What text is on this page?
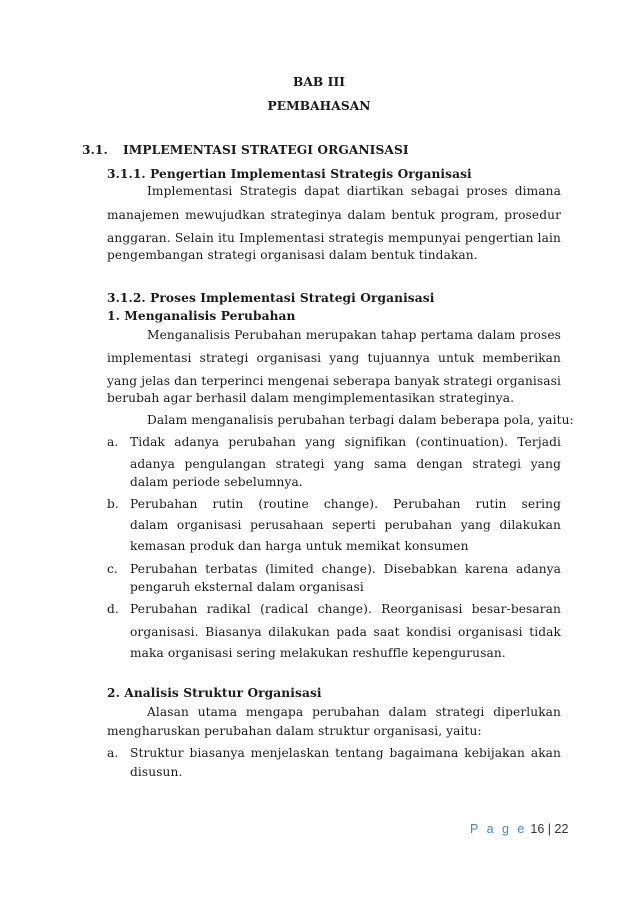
BAB III
PEMBAHASAN
3.1. IMPLEMENTASI STRATEGI ORGANISASI
3.1.1. Pengertian Implementasi Strategis Organisasi
Implementasi Strategis dapat diartikan sebagai proses dimana
manajemen mewujudkan strateginya dalam bentuk program, prosedur
anggaran. Selain itu Implementasi strategis mempunyai pengertian lain
pengembangan strategi organisasi dalam bentuk tindakan.
3.1.2. Proses Implementasi Strategi Organisasi
1. Menganalisis Perubahan
Menganalisis Perubahan merupakan tahap pertama dalam proses
implementasi strategi organisasi yang tujuannya untuk memberikan
yang jelas dan terperinci mengenai seberapa banyak strategi organisasi
berubah agar berhasil dalam mengimplementasikan strateginya.
Dalam menganalisis perubahan terbagi dalam beberapa pola, yaitu:
a. Tidak adanya perubahan yang signifikan (continuation). Terjadi
adanya pengulangan strategi yang sama dengan strategi yang
dalam periode sebelumnya.
b. Perubahan rutin (routine change). Perubahan rutin sering
dalam organisasi perusahaan seperti perubahan yang dilakukan
kemasan produk dan harga untuk memikat konsumen
c. Perubahan terbatas (limited change). Disebabkan karena adanya
pengaruh eksternal dalam organisasi
d. Perubahan radikal (radical change). Reorganisasi besar-besaran
organisasi. Biasanya dilakukan pada saat kondisi organisasi tidak
maka organisasi sering melakukan reshuffle kepengurusan.
2. Analisis Struktur Organisasi
Alasan utama mengapa perubahan dalam strategi diperlukan
mengharuskan perubahan dalam struktur organisasi, yaitu:
a. Struktur biasanya menjelaskan tentang bagaimana kebijakan akan
disusun.
P a g e 16 | 22
